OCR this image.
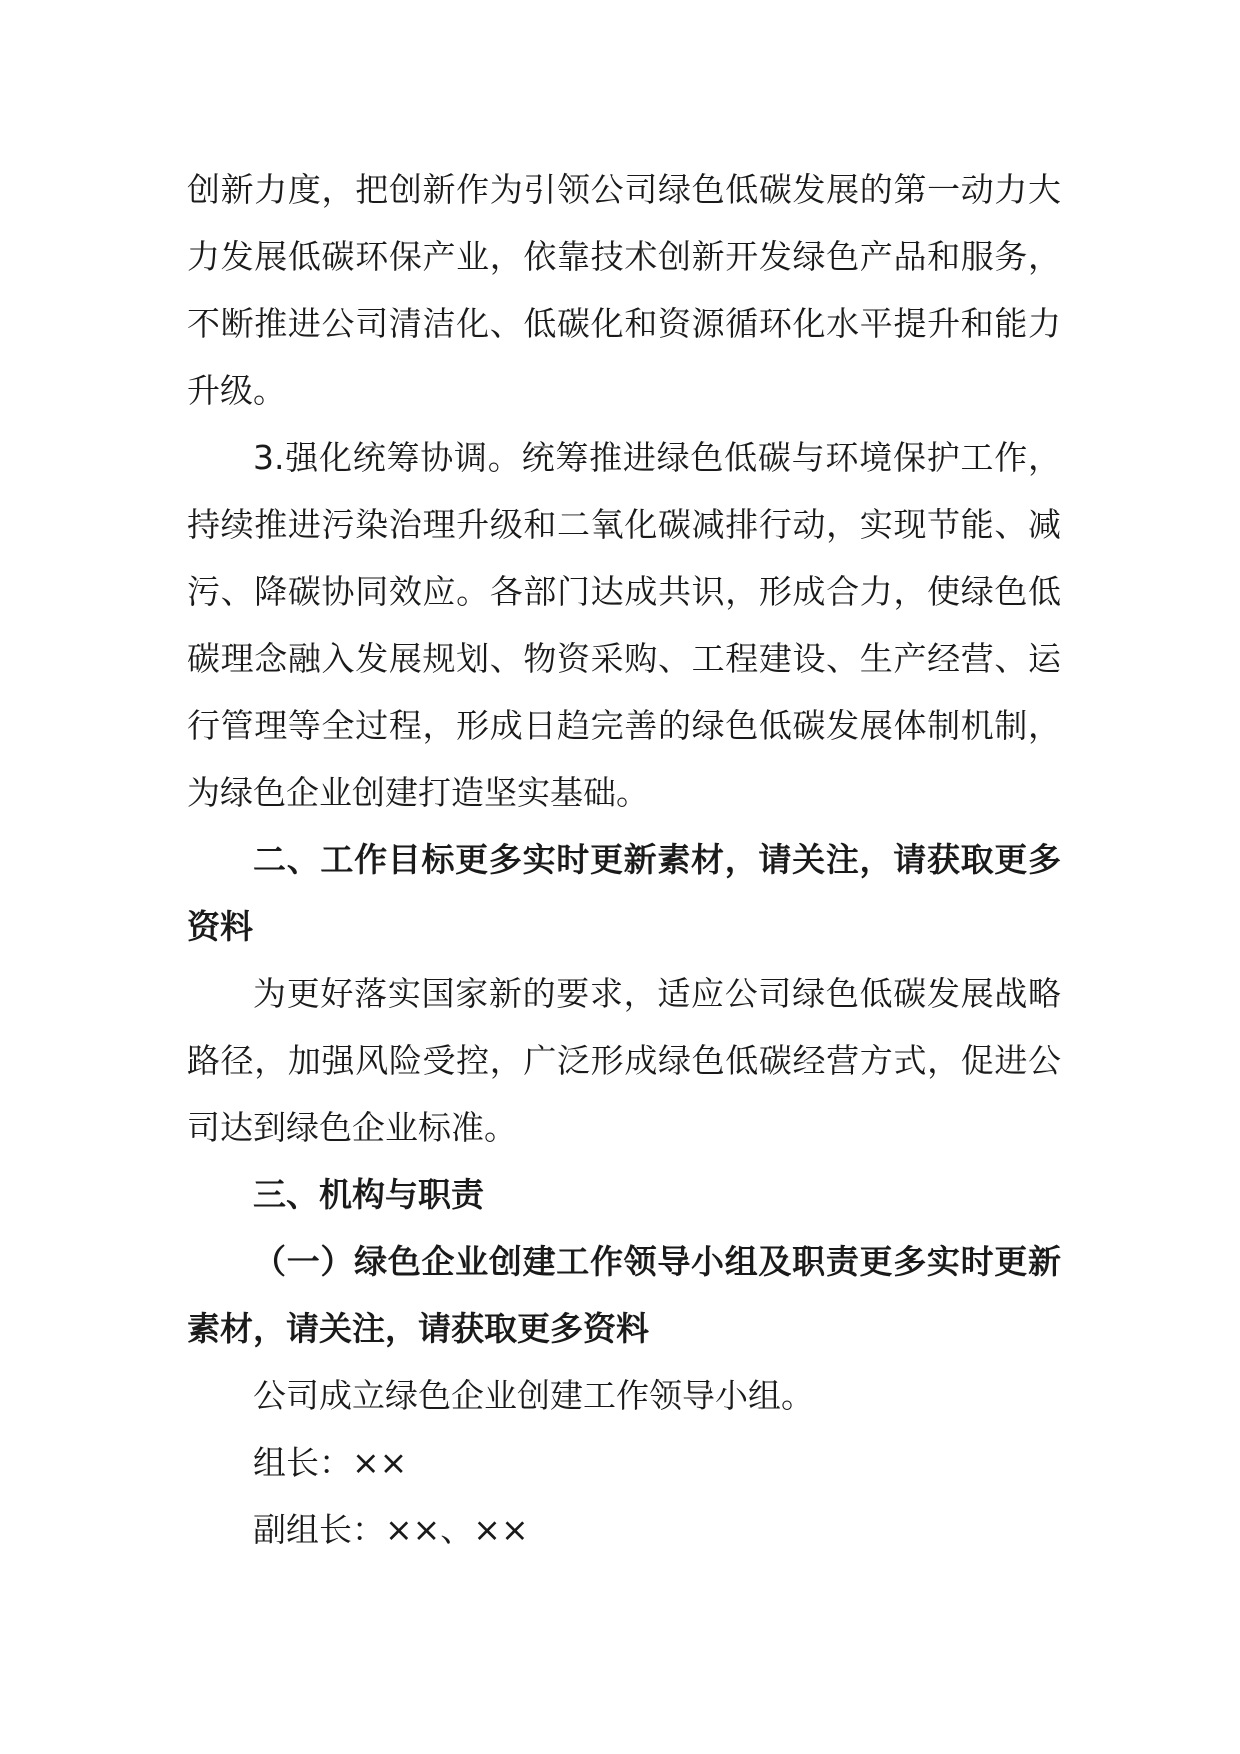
创新力度，把创新作为引领公司绿色低碳发展的第一动力大力发展低碳环保产业，依靠技术创新开发绿色产品和服务，不断推进公司清洁化、低碳化和资源循环化水平提升和能力升级。

3.强化统筹协调。统筹推进绿色低碳与环境保护工作，持续推进污染治理升级和二氧化碳减排行动，实现节能、减污、降碳协同效应。各部门达成共识，形成合力，使绿色低碳理念融入发展规划、物资采购、工程建设、生产经营、运行管理等全过程，形成日趋完善的绿色低碳发展体制机制，为绿色企业创建打造坚实基础。

二、工作目标更多实时更新素材，请关注，请获取更多资料

为更好落实国家新的要求，适应公司绿色低碳发展战略路径，加强风险受控，广泛形成绿色低碳经营方式，促进公司达到绿色企业标准。

三、机构与职责

（一）绿色企业创建工作领导小组及职责更多实时更新素材，请关注，请获取更多资料

公司成立绿色企业创建工作领导小组。

组长：××

副组长：××、××
